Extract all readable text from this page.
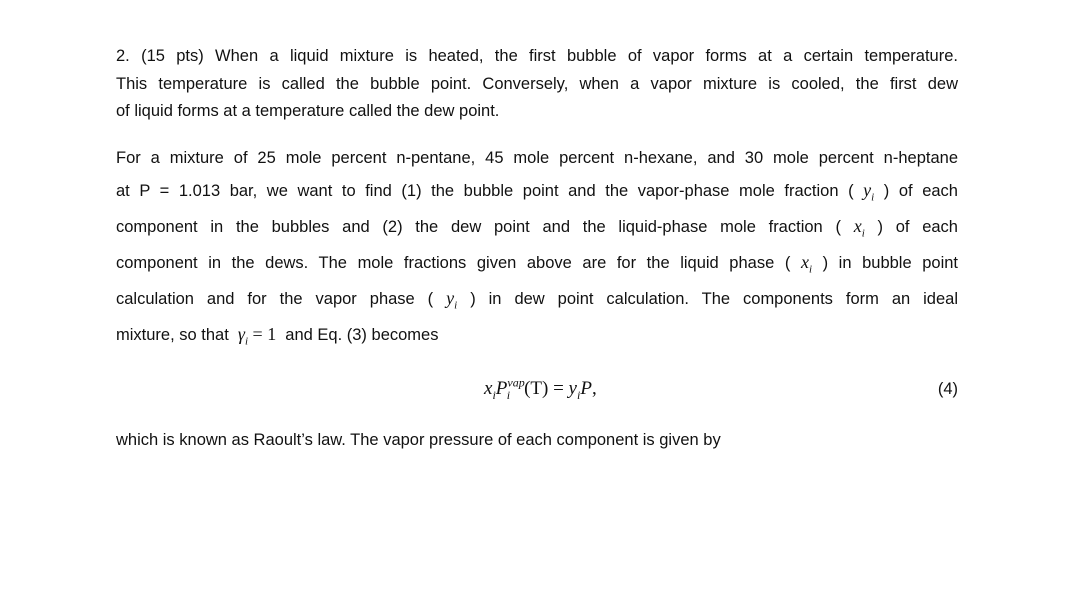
2. (15 pts) When a liquid mixture is heated, the first bubble of vapor forms at a certain temperature.
This temperature is called the bubble point. Conversely, when a vapor mixture is cooled, the first dew
of liquid forms at a temperature called the dew point.
For a mixture of 25 mole percent n-pentane, 45 mole percent n-hexane, and 30 mole percent n-heptane
at P = 1.013 bar, we want to find (1) the bubble point and the vapor-phase mole fraction ( $y_i$ ) of each
component in the bubbles and (2) the dew point and the liquid-phase mole fraction ( $x_i$ ) of each
component in the dews. The mole fractions given above are for the liquid phase ( $x_i$ ) in bubble point
calculation and for the vapor phase ( $y_i$ ) in dew point calculation. The components form an ideal
mixture, so that $\gamma_i = 1$ and Eq. (3) becomes
$x_iP^{vap}_i$ $(T) = y_iP$,	(4)
which is known as Raoult’s law. The vapor pressure of each component is given by
